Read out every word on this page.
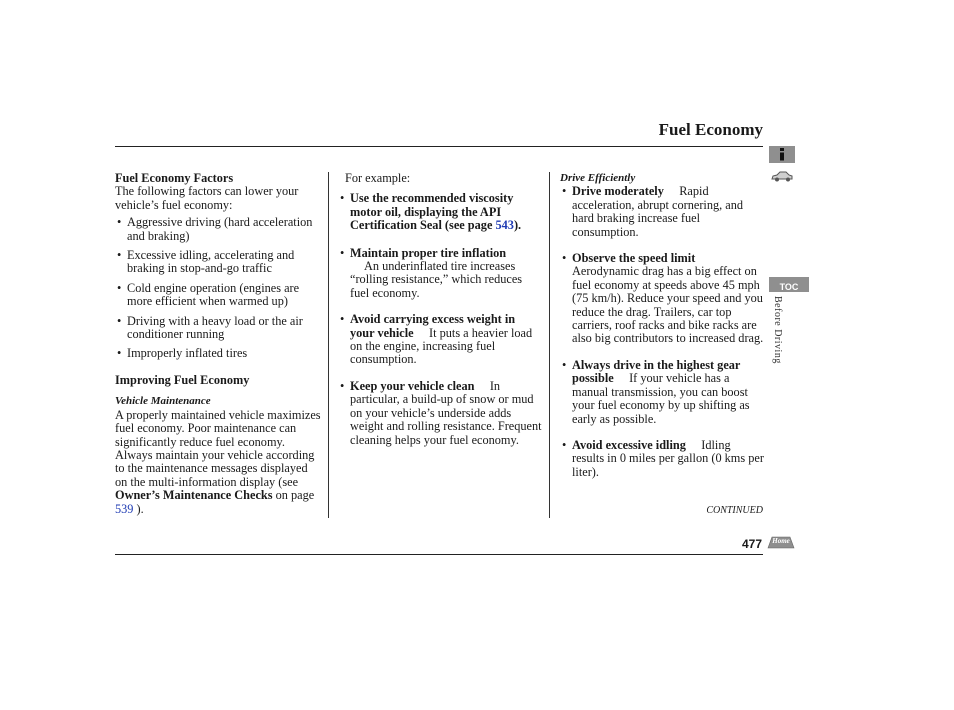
Fuel Economy

Fuel Economy Factors

The following factors can lower your vehicle’s fuel economy:

• Aggressive driving (hard acceleration and braking)

• Excessive idling, accelerating and braking in stop-and-go traffic

• Cold engine operation (engines are more efficient when warmed up)

• Driving with a heavy load or the air conditioner running

• Improperly inflated tires

Improving Fuel Economy

Vehicle Maintenance

A properly maintained vehicle maximizes fuel economy. Poor maintenance can significantly reduce fuel economy. Always maintain your vehicle according to the maintenance messages displayed on the multi-information display (see Owner’s Maintenance Checks on page 539 ).

For example:

• Use the recommended viscosity motor oil, displaying the API Certification Seal (see page 543).

• Maintain proper tire inflation
An underinflated tire increases “rolling resistance,” which reduces fuel economy.

• Avoid carrying excess weight in your vehicle It puts a heavier load on the engine, increasing fuel consumption.

• Keep your vehicle clean In particular, a build-up of snow or mud on your vehicle’s underside adds weight and rolling resistance. Frequent cleaning helps your fuel economy.

Drive Efficiently

• Drive moderately Rapid acceleration, abrupt cornering, and hard braking increase fuel consumption.

• Observe the speed limit
Aerodynamic drag has a big effect on fuel economy at speeds above 45 mph (75 km/h). Reduce your speed and you reduce the drag. Trailers, car top carriers, roof racks and bike racks are also big contributors to increased drag.

• Always drive in the highest gear possible If your vehicle has a manual transmission, you can boost your fuel economy by up shifting as early as possible.

• Avoid excessive idling Idling results in 0 miles per gallon (0 kms per liter).

CONTINUED
477
TOC
Before Driving
Home
